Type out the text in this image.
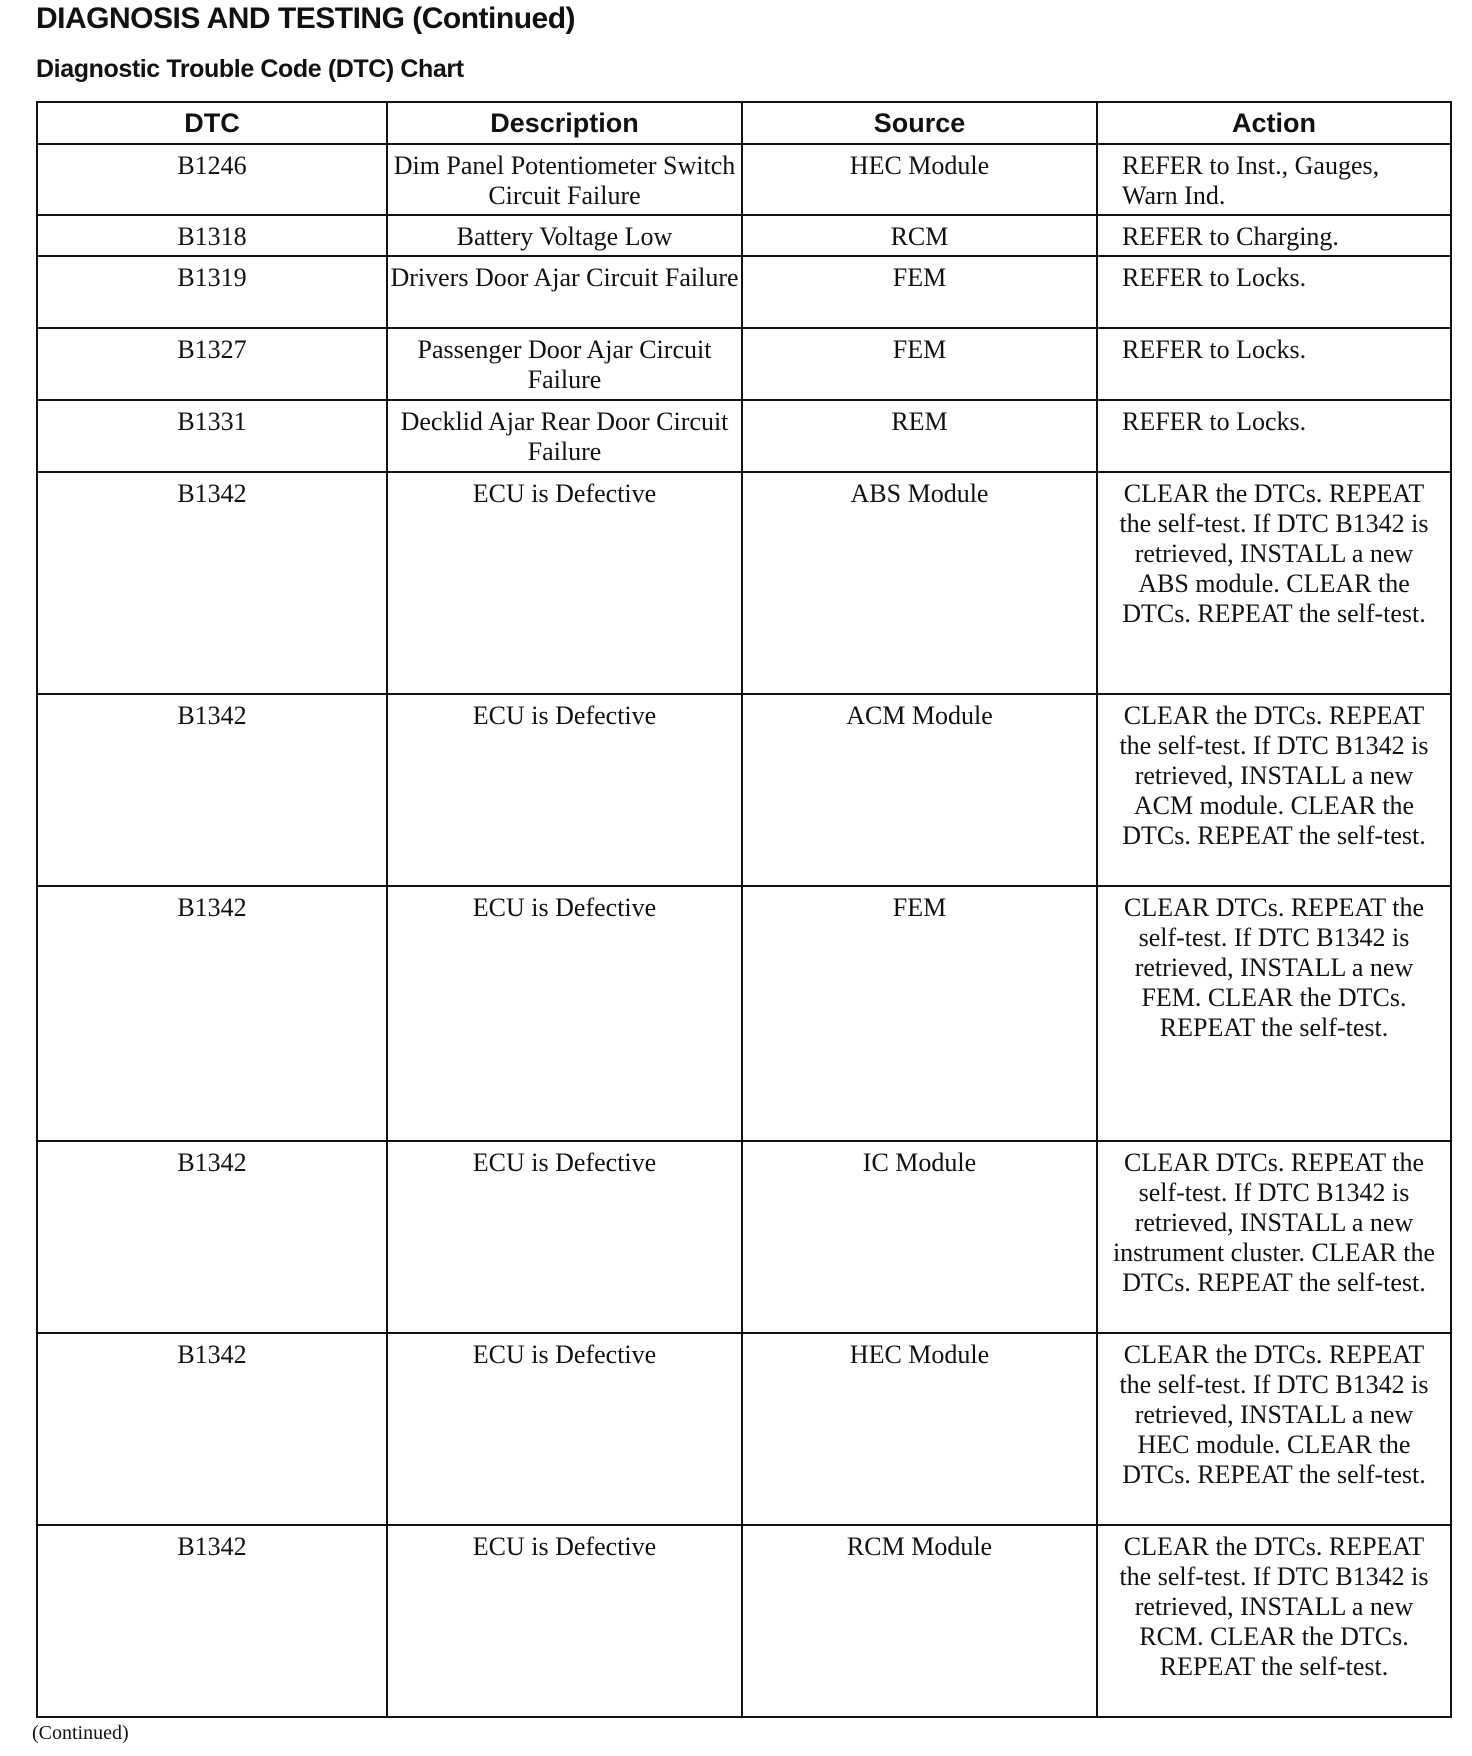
DIAGNOSIS AND TESTING (Continued)
Diagnostic Trouble Code (DTC) Chart
DTC	Description	Source	Action
B1246	Dim Panel Potentiometer Switch Circuit Failure	HEC Module	REFER to Inst., Gauges, Warn Ind.
B1318	Battery Voltage Low	RCM	REFER to Charging.
B1319	Drivers Door Ajar Circuit Failure	FEM	REFER to Locks.
B1327	Passenger Door Ajar Circuit Failure	FEM	REFER to Locks.
B1331	Decklid Ajar Rear Door Circuit Failure	REM	REFER to Locks.
B1342	ECU is Defective	ABS Module	CLEAR the DTCs. REPEAT the self-test. If DTC B1342 is retrieved, INSTALL a new ABS module. CLEAR the DTCs. REPEAT the self-test.
B1342	ECU is Defective	ACM Module	CLEAR the DTCs. REPEAT the self-test. If DTC B1342 is retrieved, INSTALL a new ACM module. CLEAR the DTCs. REPEAT the self-test.
B1342	ECU is Defective	FEM	CLEAR DTCs. REPEAT the self-test. If DTC B1342 is retrieved, INSTALL a new FEM. CLEAR the DTCs. REPEAT the self-test.
B1342	ECU is Defective	IC Module	CLEAR DTCs. REPEAT the self-test. If DTC B1342 is retrieved, INSTALL a new instrument cluster. CLEAR the DTCs. REPEAT the self-test.
B1342	ECU is Defective	HEC Module	CLEAR the DTCs. REPEAT the self-test. If DTC B1342 is retrieved, INSTALL a new HEC module. CLEAR the DTCs. REPEAT the self-test.
B1342	ECU is Defective	RCM Module	CLEAR the DTCs. REPEAT the self-test. If DTC B1342 is retrieved, INSTALL a new RCM. CLEAR the DTCs. REPEAT the self-test.
(Continued)
